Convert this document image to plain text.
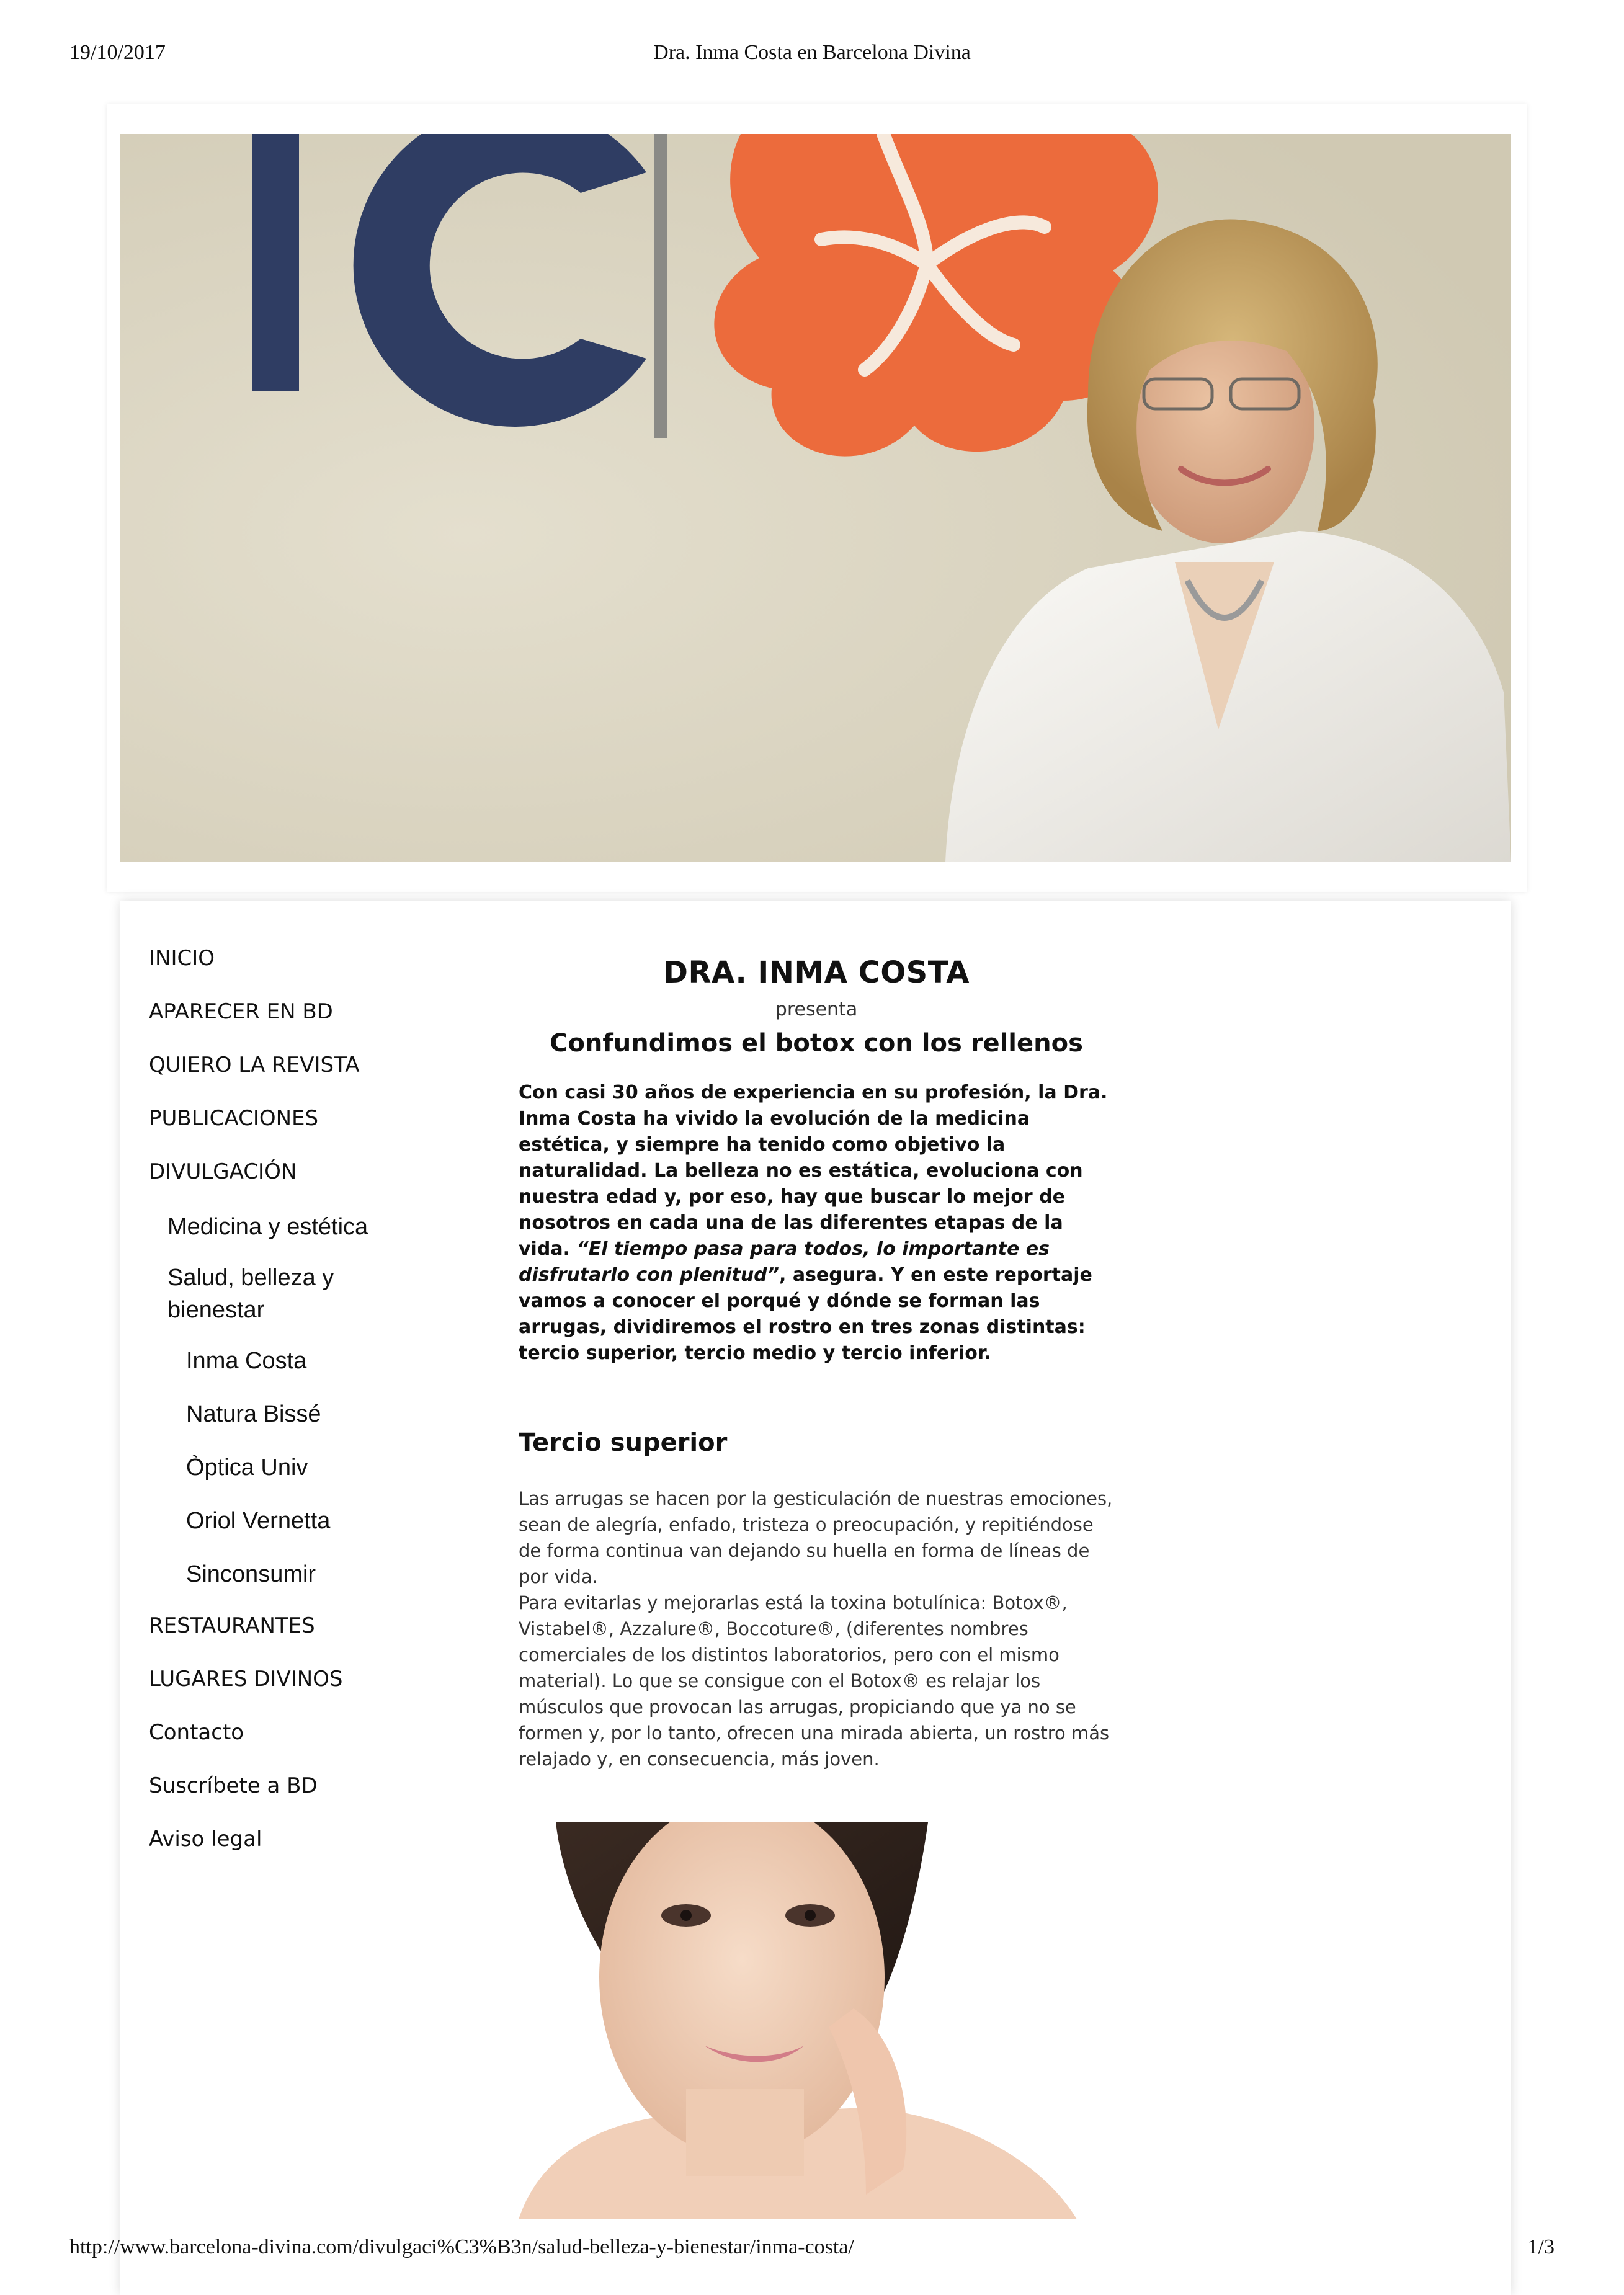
19/10/2017	Dra. Inma Costa en Barcelona Divina
INICIO
APARECER EN BD
QUIERO LA REVISTA
PUBLICACIONES
DIVULGACIÓN
Medicina y estética
Salud, belleza y bienestar
Inma Costa
Natura Bissé
Òptica Univ
Oriol Vernetta
Sinconsumir
RESTAURANTES
LUGARES DIVINOS
Contacto
Suscríbete a BD
Aviso legal
DRA. INMA COSTA
presenta
Confundimos el botox con los rellenos

Con casi 30 años de experiencia en su profesión, la Dra. Inma Costa ha vivido la evolución de la medicina estética, y siempre ha tenido como objetivo la naturalidad. La belleza no es estática, evoluciona con nuestra edad y, por eso, hay que buscar lo mejor de nosotros en cada una de las diferentes etapas de la vida. “El tiempo pasa para todos, lo importante es disfrutarlo con plenitud”, asegura. Y en este reportaje vamos a conocer el porqué y dónde se forman las arrugas, dividiremos el rostro en tres zonas distintas: tercio superior, tercio medio y tercio inferior.

Tercio superior

Las arrugas se hacen por la gesticulación de nuestras emociones, sean de alegría, enfado, tristeza o preocupación, y repitiéndose de forma continua van dejando su huella en forma de líneas de por vida.

Para evitarlas y mejorarlas está la toxina botulínica: Botox®, Vistabel®, Azzalure®, Boccoture®, (diferentes nombres comerciales de los distintos laboratorios, pero con el mismo material). Lo que se consigue con el Botox® es relajar los músculos que provocan las arrugas, propiciando que ya no se formen y, por lo tanto, ofrecen una mirada abierta, un rostro más relajado y, en consecuencia, más joven.

http://www.barcelona-divina.com/divulgaci%C3%B3n/salud-belleza-y-bienestar/inma-costa/	1/3
